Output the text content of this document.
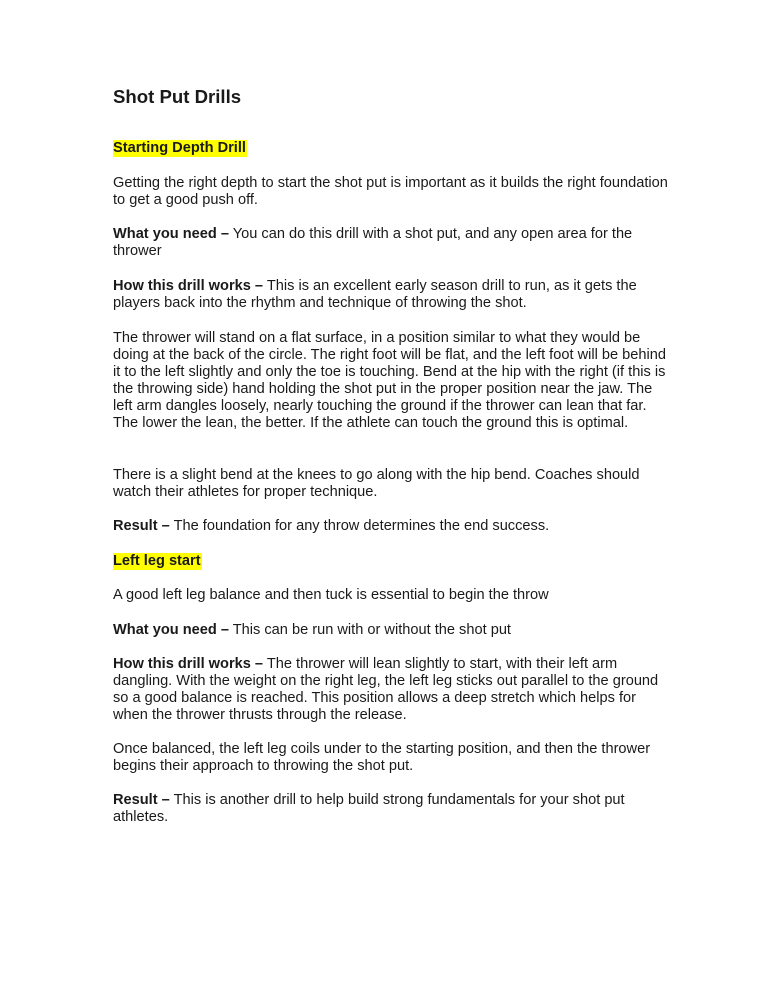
Shot Put Drills

Starting Depth Drill

Getting the right depth to start the shot put is important as it builds the right foundation to get a good push off.

What you need – You can do this drill with a shot put, and any open area for the thrower

How this drill works – This is an excellent early season drill to run, as it gets the players back into the rhythm and technique of throwing the shot.

The thrower will stand on a flat surface, in a position similar to what they would be doing at the back of the circle. The right foot will be flat, and the left foot will be behind it to the left slightly and only the toe is touching. Bend at the hip with the right (if this is the throwing side) hand holding the shot put in the proper position near the jaw. The left arm dangles loosely, nearly touching the ground if the thrower can lean that far. The lower the lean, the better. If the athlete can touch the ground this is optimal.

There is a slight bend at the knees to go along with the hip bend. Coaches should watch their athletes for proper technique.

Result – The foundation for any throw determines the end success.

Left leg start

A good left leg balance and then tuck is essential to begin the throw

What you need – This can be run with or without the shot put

How this drill works – The thrower will lean slightly to start, with their left arm dangling. With the weight on the right leg, the left leg sticks out parallel to the ground so a good balance is reached. This position allows a deep stretch which helps for when the thrower thrusts through the release.

Once balanced, the left leg coils under to the starting position, and then the thrower begins their approach to throwing the shot put.

Result – This is another drill to help build strong fundamentals for your shot put athletes.
